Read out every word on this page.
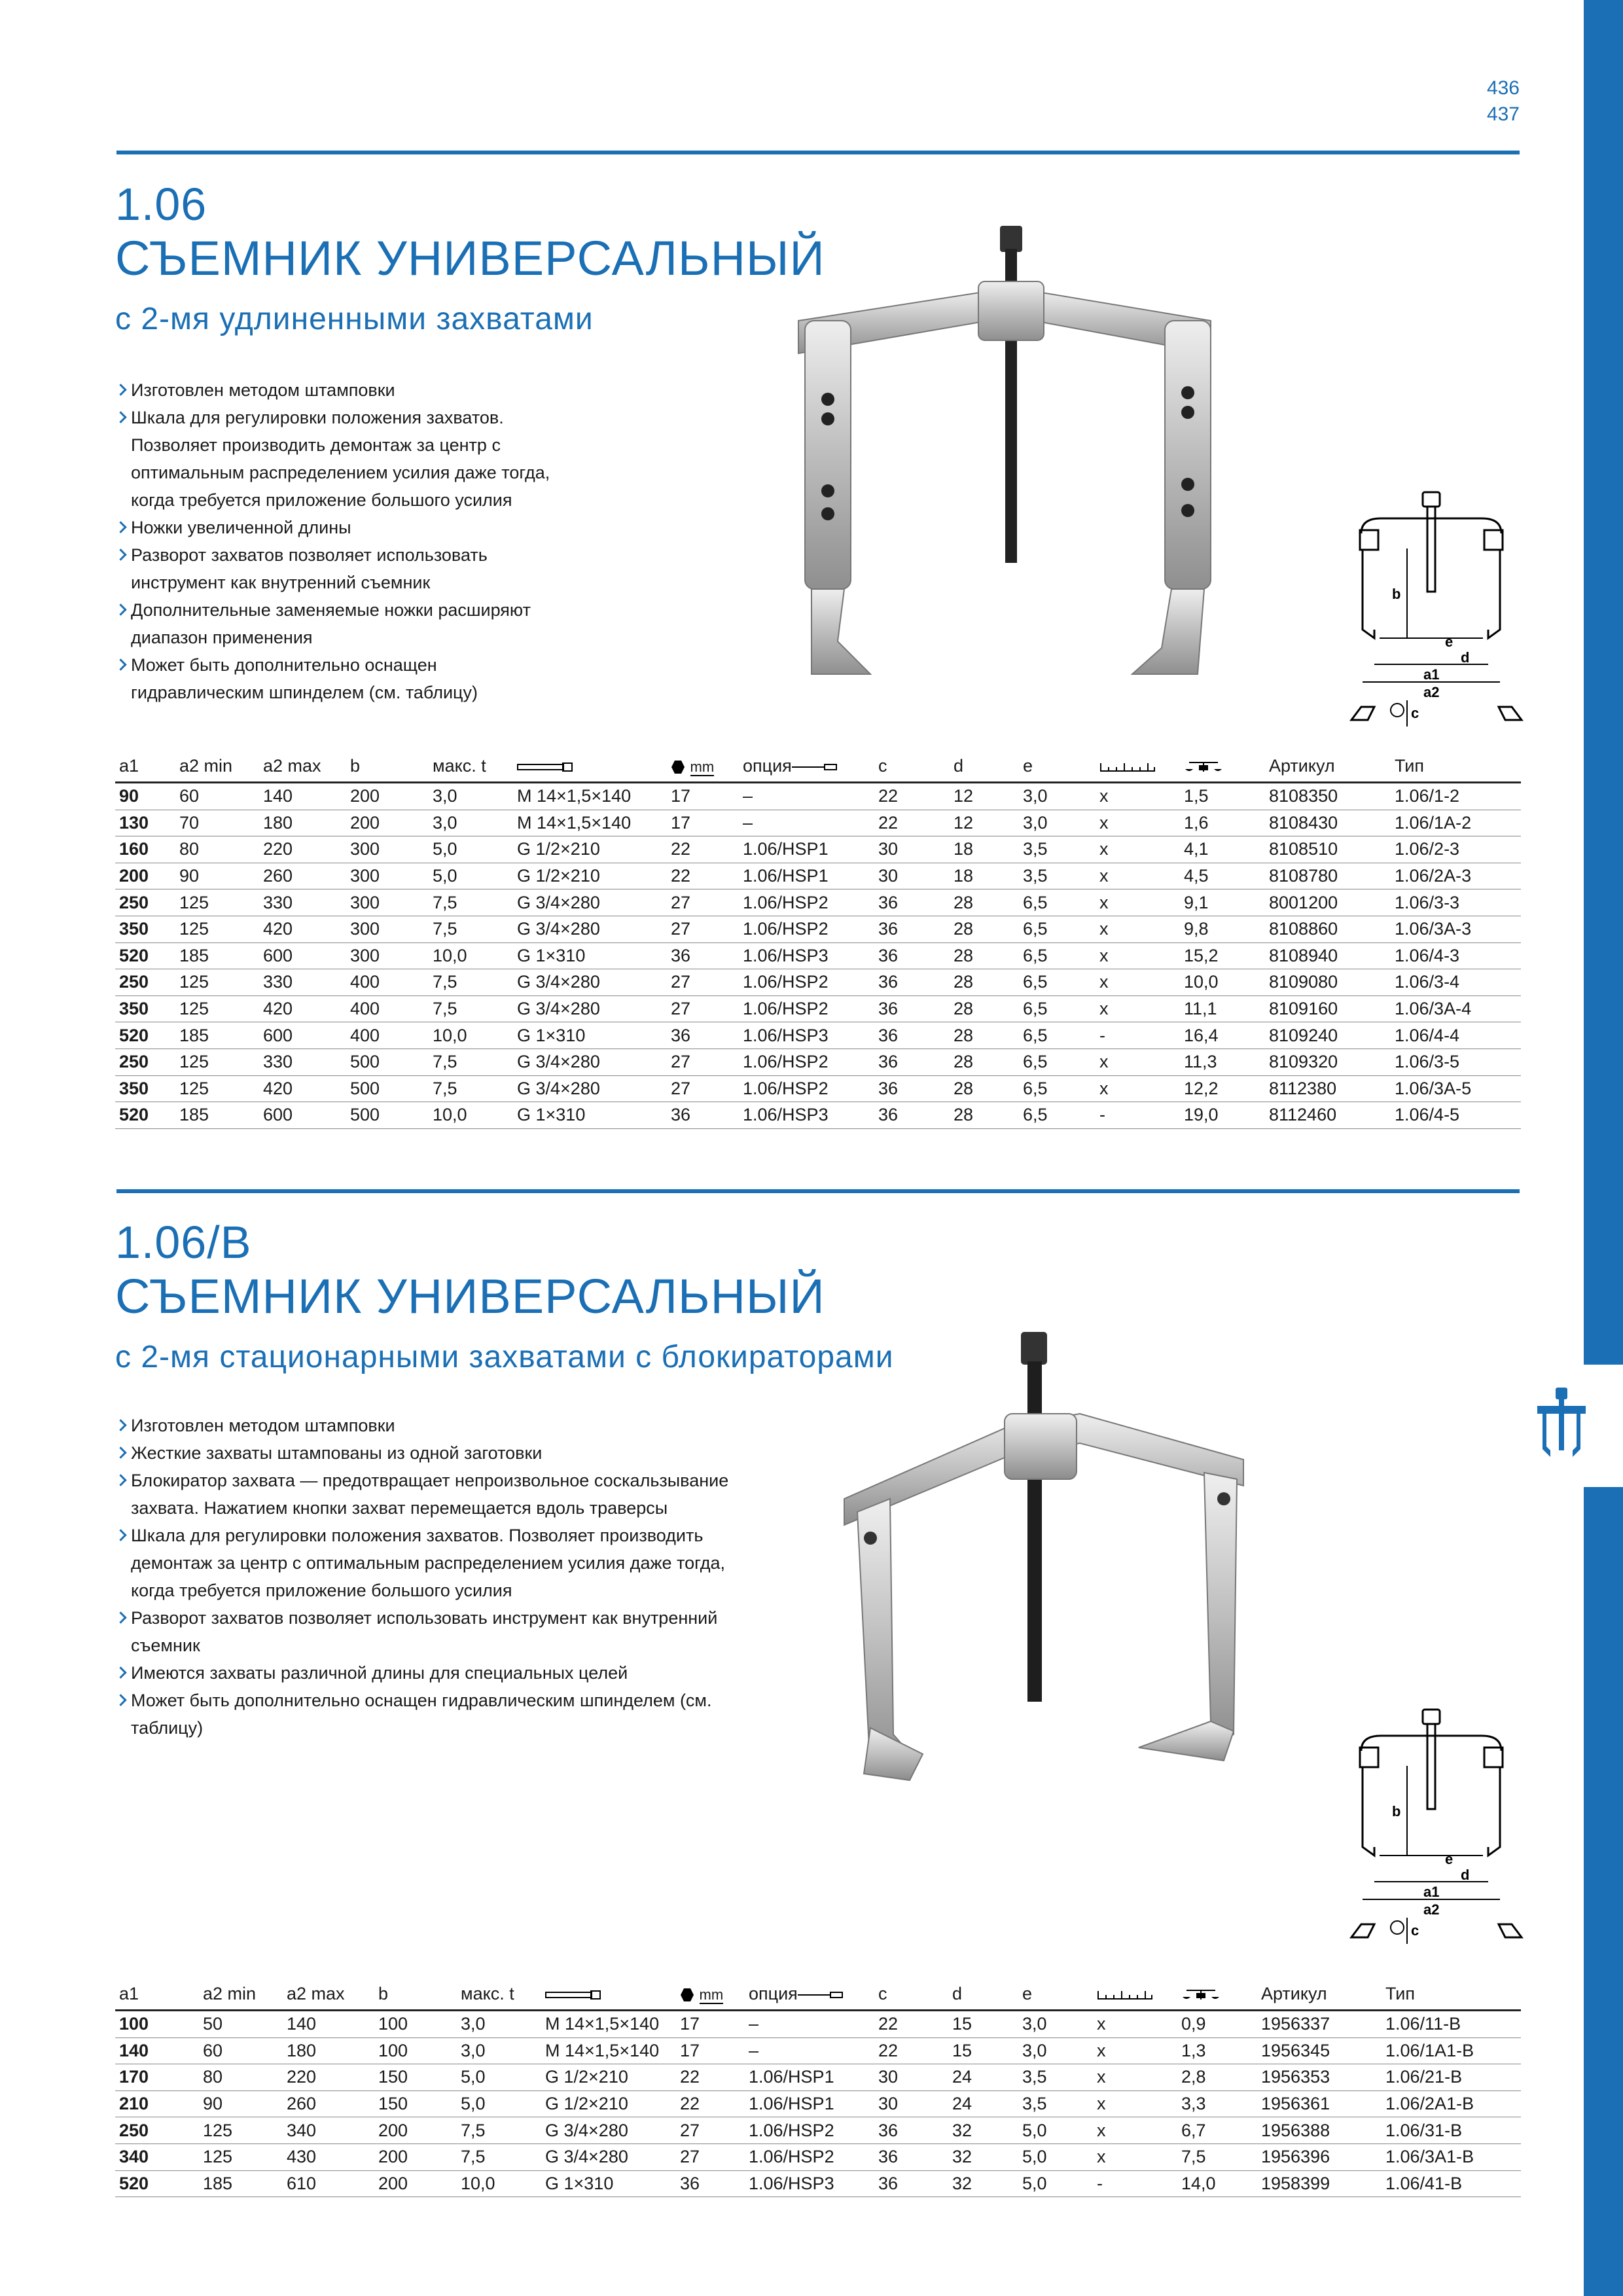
436
437
1.06
СЪЕМНИК УНИВЕРСАЛЬНЫЙ
с 2-мя удлиненными захватами
Изготовлен методом штамповки
Шкала для регулировки положения захватов. Позволяет производить демонтаж за центр с оптимальным распределением усилия даже тогда, когда требуется приложение большого усилия
Ножки увеличенной длины
Разворот захватов позволяет использовать инструмент как внутренний съемник
Дополнительные заменяемые ножки расширяют диапазон применения
Может быть дополнительно оснащен гидравлическим шпинделем (см. таблицу)
b
e
d
a1
a2
c
a1	a2 min	a2 max	b	макс. t		mm	опция	c	d	e			Артикул	Тип
90	60	140	200	3,0	M 14×1,5×140	17	–	22	12	3,0	x	1,5	8108350	1.06/1-2
130	70	180	200	3,0	M 14×1,5×140	17	–	22	12	3,0	x	1,6	8108430	1.06/1A-2
160	80	220	300	5,0	G 1/2×210	22	1.06/HSP1	30	18	3,5	x	4,1	8108510	1.06/2-3
200	90	260	300	5,0	G 1/2×210	22	1.06/HSP1	30	18	3,5	x	4,5	8108780	1.06/2A-3
250	125	330	300	7,5	G 3/4×280	27	1.06/HSP2	36	28	6,5	x	9,1	8001200	1.06/3-3
350	125	420	300	7,5	G 3/4×280	27	1.06/HSP2	36	28	6,5	x	9,8	8108860	1.06/3A-3
520	185	600	300	10,0	G 1×310	36	1.06/HSP3	36	28	6,5	x	15,2	8108940	1.06/4-3
250	125	330	400	7,5	G 3/4×280	27	1.06/HSP2	36	28	6,5	x	10,0	8109080	1.06/3-4
350	125	420	400	7,5	G 3/4×280	27	1.06/HSP2	36	28	6,5	x	11,1	8109160	1.06/3A-4
520	185	600	400	10,0	G 1×310	36	1.06/HSP3	36	28	6,5	-	16,4	8109240	1.06/4-4
250	125	330	500	7,5	G 3/4×280	27	1.06/HSP2	36	28	6,5	x	11,3	8109320	1.06/3-5
350	125	420	500	7,5	G 3/4×280	27	1.06/HSP2	36	28	6,5	x	12,2	8112380	1.06/3A-5
520	185	600	500	10,0	G 1×310	36	1.06/HSP3	36	28	6,5	-	19,0	8112460	1.06/4-5
1.06/B
СЪЕМНИК УНИВЕРСАЛЬНЫЙ
с 2-мя стационарными захватами с блокираторами
Изготовлен методом штамповки
Жесткие захваты штампованы из одной заготовки
Блокиратор захвата — предотвращает непроизвольное соскальзывание захвата. Нажатием кнопки захват перемещается вдоль траверсы
Шкала для регулировки положения захватов. Позволяет производить демонтаж за центр с оптимальным распределением усилия даже тогда, когда требуется приложение большого усилия
Разворот захватов позволяет использовать инструмент как внутренний съемник
Имеются захваты различной длины для специальных целей
Может быть дополнительно оснащен гидравлическим шпинделем (см. таблицу)
b
e
d
a1
a2
c
a1	a2 min	a2 max	b	макс. t		mm	опция	c	d	e			Артикул	Тип
100	50	140	100	3,0	M 14×1,5×140	17	–	22	15	3,0	x	0,9	1956337	1.06/11-B
140	60	180	100	3,0	M 14×1,5×140	17	–	22	15	3,0	x	1,3	1956345	1.06/1A1-B
170	80	220	150	5,0	G 1/2×210	22	1.06/HSP1	30	24	3,5	x	2,8	1956353	1.06/21-B
210	90	260	150	5,0	G 1/2×210	22	1.06/HSP1	30	24	3,5	x	3,3	1956361	1.06/2A1-B
250	125	340	200	7,5	G 3/4×280	27	1.06/HSP2	36	32	5,0	x	6,7	1956388	1.06/31-B
340	125	430	200	7,5	G 3/4×280	27	1.06/HSP2	36	32	5,0	x	7,5	1956396	1.06/3A1-B
520	185	610	200	10,0	G 1×310	36	1.06/HSP3	36	32	5,0	-	14,0	1958399	1.06/41-B
